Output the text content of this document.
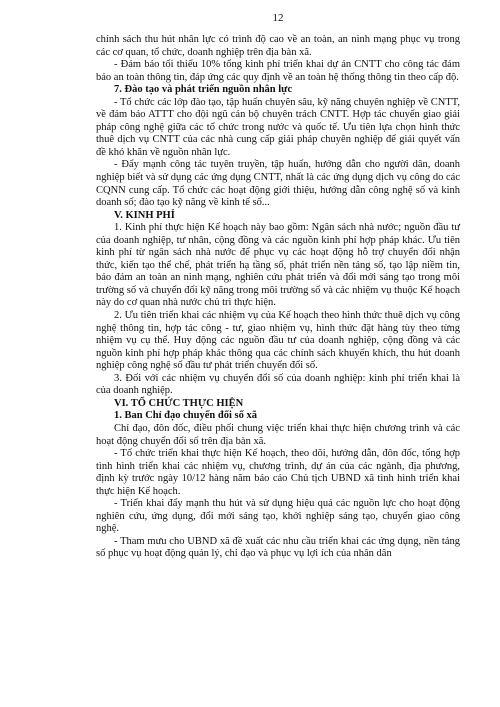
12

chính sách thu hút nhân lực có trình độ cao về an toàn, an ninh mạng phục vụ trong các cơ quan, tổ chức, doanh nghiệp trên địa bàn xã.

- Đảm bảo tối thiểu 10% tổng kinh phí triển khai dự án CNTT cho công tác đảm bảo an toàn thông tin, đáp ứng các quy định về an toàn hệ thống thông tin theo cấp độ.

7. Đào tạo và phát triển nguồn nhân lực

- Tổ chức các lớp đào tạo, tập huấn chuyên sâu, kỹ năng chuyên nghiệp về CNTT, về đảm bảo ATTT cho đội ngũ cán bộ chuyên trách CNTT. Hợp tác chuyển giao giải pháp công nghệ giữa các tổ chức trong nước và quốc tế. Ưu tiên lựa chọn hình thức thuê dịch vụ CNTT của các nhà cung cấp giải pháp chuyên nghiệp để giải quyết vấn đề khó khăn về nguồn nhân lực.

- Đẩy mạnh công tác tuyên truyền, tập huấn, hướng dẫn cho người dân, doanh nghiệp biết và sử dụng các ứng dụng CNTT, nhất là các ứng dụng dịch vụ công do các CQNN cung cấp. Tổ chức các hoạt động giới thiệu, hướng dẫn công nghệ số và kinh doanh số; đào tạo kỹ năng về kinh tế số...

V. KINH PHÍ

1. Kinh phí thực hiện Kế hoạch này bao gồm: Ngân sách nhà nước; nguồn đầu tư của doanh nghiệp, tư nhân, cộng đồng và các nguồn kinh phí hợp pháp khác. Ưu tiên kinh phí từ ngân sách nhà nước để phục vụ các hoạt động hỗ trợ chuyển đổi nhận thức, kiến tạo thể chế, phát triển hạ tầng số, phát triển nền tảng số, tạo lập niềm tin, bảo đảm an toàn an ninh mạng, nghiên cứu phát triển và đổi mới sáng tạo trong môi trường số và chuyển đổi kỹ năng trong môi trường số và các nhiệm vụ thuộc Kế hoạch này do cơ quan nhà nước chủ trì thực hiện.

2. Ưu tiên triển khai các nhiệm vụ của Kế hoạch theo hình thức thuê dịch vụ công nghệ thông tin, hợp tác công - tư, giao nhiệm vụ, hình thức đặt hàng tùy theo từng nhiệm vụ cụ thể. Huy động các nguồn đầu tư của doanh nghiệp, cộng đồng và các nguồn kinh phí hợp pháp khác thông qua các chính sách khuyến khích, thu hút doanh nghiệp công nghệ số đầu tư phát triển chuyển đổi số.

3. Đối với các nhiệm vụ chuyển đổi số của doanh nghiệp: kinh phí triển khai là của doanh nghiệp.

VI. TỔ CHỨC THỰC HIỆN

1. Ban Chỉ đạo chuyển đổi số xã

Chỉ đạo, đôn đốc, điều phối chung việc triển khai thực hiện chương trình và các hoạt động chuyển đổi số trên địa bàn xã.

- Tổ chức triển khai thực hiện Kế hoạch, theo dõi, hướng dẫn, đôn đốc, tổng hợp tình hình triển khai các nhiệm vụ, chương trình, dự án của các ngành, địa phương, định kỳ trước ngày 10/12 hàng năm báo cáo Chủ tịch UBND xã tình hình triển khai thực hiện Kế hoạch.

- Triển khai đẩy mạnh thu hút và sử dụng hiệu quả các nguồn lực cho hoạt động nghiên cứu, ứng dụng, đổi mới sáng tạo, khởi nghiệp sáng tạo, chuyển giao công nghệ.

- Tham mưu cho UBND xã đề xuất các nhu cầu triển khai các ứng dụng, nền tảng số phục vụ hoạt động quản lý, chỉ đạo và phục vụ lợi ích của nhân dân
